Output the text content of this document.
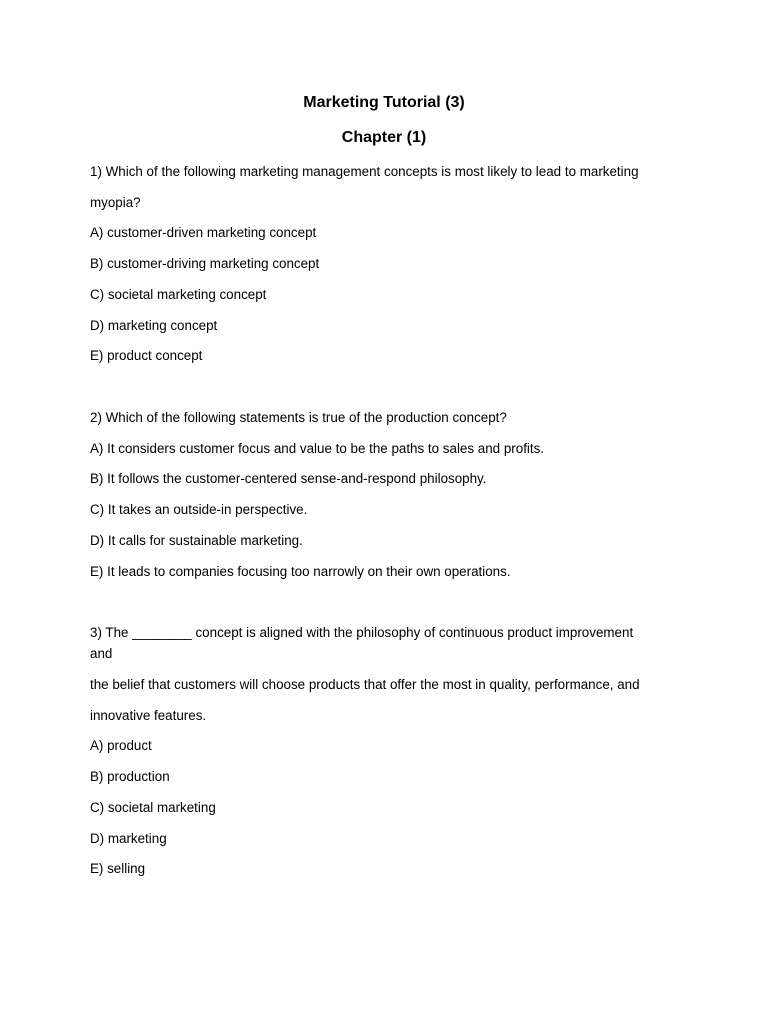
Marketing Tutorial (3)
Chapter (1)
1) Which of the following marketing management concepts is most likely to lead to marketing
myopia?
A) customer-driven marketing concept
B) customer-driving marketing concept
C) societal marketing concept
D) marketing concept
E) product concept
2) Which of the following statements is true of the production concept?
A) It considers customer focus and value to be the paths to sales and profits.
B) It follows the customer-centered sense-and-respond philosophy.
C) It takes an outside-in perspective.
D) It calls for sustainable marketing.
E) It leads to companies focusing too narrowly on their own operations.
3) The ________ concept is aligned with the philosophy of continuous product improvement
and
the belief that customers will choose products that offer the most in quality, performance, and
innovative features.
A) product
B) production
C) societal marketing
D) marketing
E) selling
